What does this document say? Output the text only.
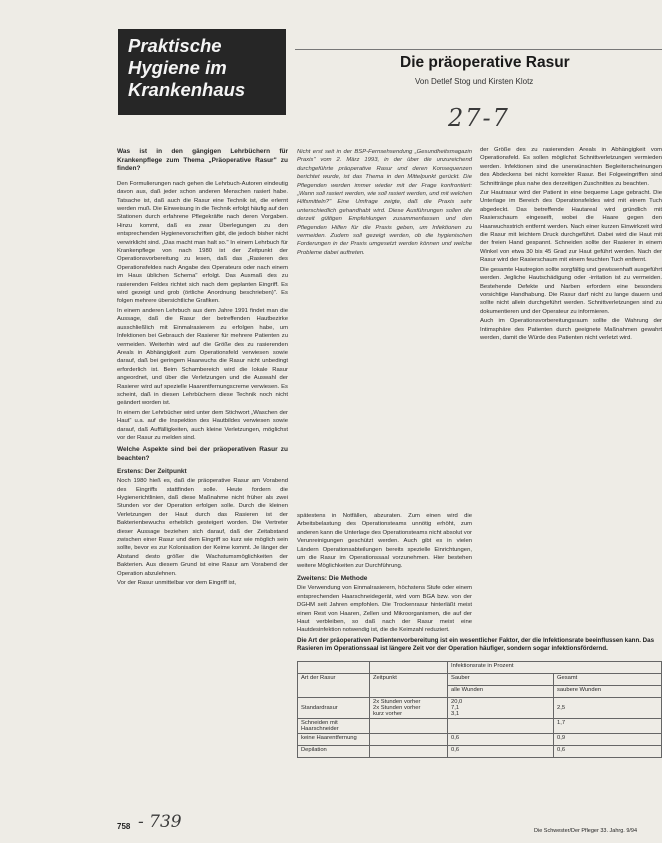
Praktische
Hygiene im
Krankenhaus
Die präoperative Rasur
Von Detlef Stog und Kirsten Klotz
27-7

Was ist in den gängigen Lehrbüchern für Krankenpflege zum Thema „Präoperative Rasur" zu finden?

Den Formulierungen nach gehen die Lehrbuch-Autoren eindeutig davon aus, daß jeder schon anderen Menschen rasiert habe. Tatsache ist, daß auch die Rasur eine Technik ist, die erlernt werden muß. Die Einweisung in die Technik erfolgt häufig auf den Stationen durch erfahrene Pflegekräfte nach deren Vorgaben. Hinzu kommt, daß es zwar Überlegungen zu den entsprechenden Hygienevorschriften gibt, die jedoch bisher nicht verwirklicht sind. „Das macht man halt so." In einem Lehrbuch für Krankenpflege von nach 1980 ist der Zeitpunkt der Operationsvorbereitung zu lesen, daß das „Rasieren des Operationsfeldes nach Angabe des Operateurs oder nach einem im Haus üblichen Schema" erfolgt. Das Ausmaß des zu rasierenden Feldes richtet sich nach dem geplanten Eingriff. Es wird gezeigt und grob (örtliche Anordnung beschrieben)". Es folgen mehrere übersichtliche Grafiken.

In einem anderen Lehrbuch aus dem Jahre 1991 findet man die Aussage, daß die Rasur der betreffenden Hautbezirke ausschließlich mit Einmalrasierern zu erfolgen habe, um Infektionen bei Gebrauch der Rasierer für mehrere Patienten zu vermeiden. Weiterhin wird auf die Größe des zu rasierenden Areals in Abhängigkeit zum Operationsfeld verwiesen sowie darauf, daß bei geringem Haarwuchs die Rasur nicht unbedingt erforderlich ist. Beim Schambereich wird die lokale Rasur angeordnet, und über die Verletzungen und die Auswahl der Rasierer wird auf spezielle Haarentfernungscreme verwiesen. Es scheint, daß in diesen Lehrbüchern diese Technik noch nicht geändert worden ist.

In einem der Lehrbücher wird unter dem Stichwort „Waschen der Haut“ u.a. auf die Inspektion des Hautbildes verwiesen sowie darauf, daß Auffälligkeiten, auch kleine Verletzungen, möglichst vor der Rasur zu melden sind.

Welche Aspekte sind bei der präoperativen Rasur zu beachten?

Erstens: Der Zeitpunkt

Noch 1980 hieß es, daß die präoperative Rasur am Vorabend des Eingriffs stattfinden solle. Heute fordern die Hygienerichtlinien, daß diese Maßnahme nicht früher als zwei Stunden vor der Operation erfolgen solle. Durch die kleinen Verletzungen der Haut durch das Rasieren ist der Bakterienbewuchs erheblich gesteigert worden. Die Vertreter dieser Aussage beziehen sich darauf, daß der Zeitabstand zwischen einer Rasur und dem Eingriff so kurz wie möglich sein sollte, bevor es zur Kolonisation der Keime kommt. Je länger der Abstand desto größer die Wachstumsmöglichkeiten der Bakterien. Aus diesem Grund ist eine Rasur am Vorabend der Operation abzulehnen.

Vor der Rasur unmittelbar vor dem Eingriff ist,

Nicht erst seit in der BSP-Fernsehsendung „Gesundheitsmagazin Praxis" vom 2. März 1993, in der über die unzureichend durchgeführte präoperative Rasur und deren Konsequenzen berichtet wurde, ist das Thema in den Mittelpunkt gerückt. Die Pflegenden werden immer wieder mit der Frage konfrontiert: „Wann soll rasiert werden, wie soll rasiert werden, und mit welchen Hilfsmitteln?" Eine Umfrage zeigte, daß die Praxis sehr unterschiedlich gehandhabt wird. Diese Ausführungen sollen die derzeit gültigen Empfehlungen zusammenfassen und den Pflegenden Hilfen für die Praxis geben, um Infektionen zu vermeiden. Zudem soll gezeigt werden, ob die hygienischen Forderungen in der Praxis umgesetzt werden können und welche Probleme dabei auftreten.

spätestens in Notfällen, abzuraten. Zum einen wird die Arbeitsbelastung des Operationsteams unnötig erhöht, zum anderen kann die Unterlage des Operationsteams nicht absolut vor Verunreinigungen geschützt werden. Auch gibt es in vielen Ländern Operationsabteilungen bereits spezielle Einrichtungen, um die Rasur im Operationssaal vorzunehmen. Hier bestehen weitere Möglichkeiten zur Durchführung.

Zweitens: Die Methode

Die Verwendung von Einmalrasierern, höchstens Stufe oder einem entsprechenden Haarschneidegerät, wird vom BGA bzw. von der DGHM seit Jahren empfohlen. Die Trockenrasur hinterläßt meist einen Rest von Haaren, Zellen und Mikroorganismen, die auf der Haut verbleiben, so daß nach der Rasur meist eine Hautdesinfektion notwendig ist, die die Keimzahl reduziert.

der Größe des zu rasierenden Areals in Abhängigkeit vom Operationsfeld. Es sollen möglichst Schnittverletzungen vermieden werden. Infektionen sind die unerwünschten Begleiterscheinungen des Abdeckens bei nicht korrekter Rasur. Bei Folgeeingriffen sind Schnittränge plus nahe des derzeitigen Zuschnittes zu beachten.

Zur Hautrasur wird der Patient in eine bequeme Lage gebracht. Die Unterlage im Bereich des Operationsfeldes wird mit einem Tuch abgedeckt. Das betreffende Hautareal wird gründlich mit Rasierschaum eingeseift, wobei die Haare gegen den Haarwuchsstrich entfernt werden. Nach einer kurzen Einwirkzeit wird die Rasur mit leichtem Druck durchgeführt. Dabei wird die Haut mit der freien Hand gespannt. Schneiden sollte der Rasierer in einem Winkel von etwa 30 bis 45 Grad zur Haut geführt werden. Nach der Rasur wird der Rasierschaum mit einem feuchten Tuch entfernt.

Die gesamte Hautregion sollte sorgfältig und gewissenhaft ausgeführt werden. Jegliche Hautschädigung oder -irritation ist zu vermeiden. Bestehende Defekte und Narben erfordern eine besonders vorsichtige Handhabung. Die Rasur darf nicht zu lange dauern und sollte nicht allein durchgeführt werden. Schnittverletzungen sind zu dokumentieren und der Operateur zu informieren.

Auch im Operationsvorbereitungsraum sollte die Wahrung der Intimsphäre des Patienten durch geeignete Maßnahmen gewahrt werden, damit die Würde des Patienten nicht verletzt wird.

Die Art der präoperativen Patientenvorbereitung ist ein wesentlicher Faktor, der die Infektionsrate beeinflussen kann. Das Rasieren im Operationssaal ist längere Zeit vor der Operation häufiger, sondern sogar infektionsfördernd.
		Infektionsrate in Prozent	
Art der Rasur	Zeitpunkt	Sauber	Gesamt
		alle Wunden	saubere Wunden
Standardrasur	2x Stunden vorher
2x Stunden vorher
kurz vorher	20,0
7,1
3,1	2,5
Schneiden mit Haarschneider			1,7
keine Haarentfernung		0,6	0,9
Depilation		0,6	0,6
758 - 739	Die Schwester/Der Pfleger 33. Jahrg. 9/94
